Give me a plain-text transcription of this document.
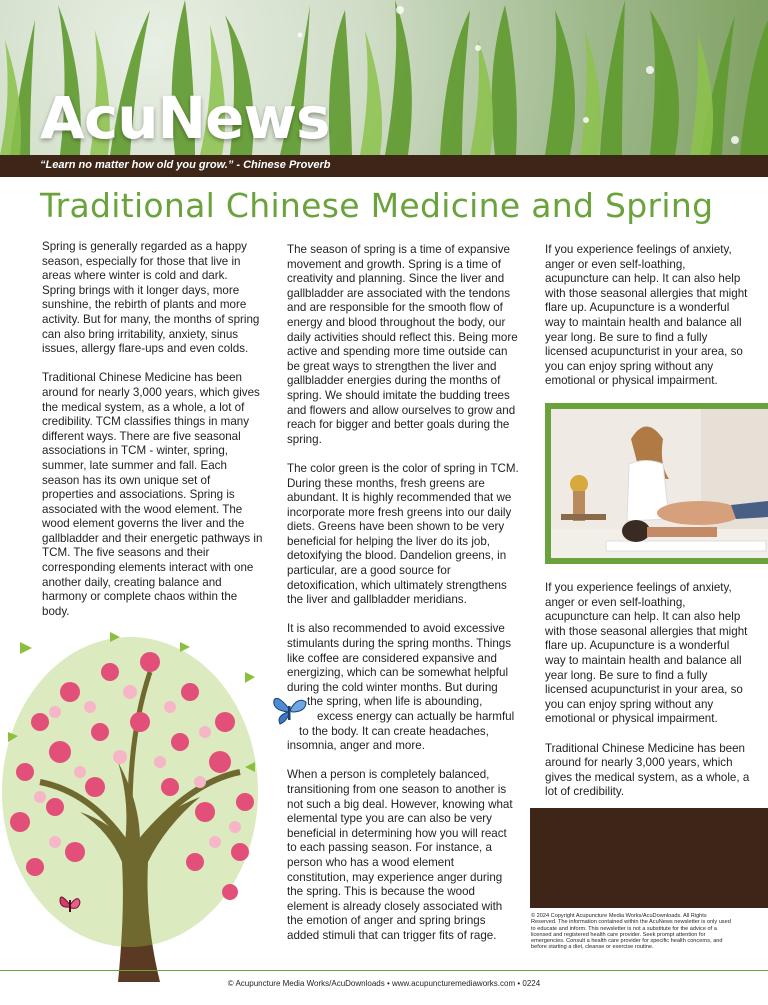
AcuNews
“Learn no matter how old you grow.” - Chinese Proverb
Traditional Chinese Medicine and Spring

Spring is generally regarded as a happy season, especially for those that live in areas where winter is cold and dark. Spring brings with it longer days, more sunshine, the rebirth of plants and more activity. But for many, the months of spring can also bring irritability, anxiety, sinus issues, allergy flare-ups and even colds.

Traditional Chinese Medicine has been around for nearly 3,000 years, which gives the medical system, as a whole, a lot of credibility. TCM classifies things in many different ways. There are five seasonal associations in TCM - winter, spring, summer, late summer and fall. Each season has its own unique set of properties and associations. Spring is associated with the wood element. The wood element governs the liver and the gallbladder and their energetic pathways in TCM. The five seasons and their corresponding elements interact with one another daily, creating balance and harmony or complete chaos within the body.

The season of spring is a time of expansive movement and growth. Spring is a time of creativity and planning. Since the liver and gallbladder are associated with the tendons and are responsible for the smooth flow of energy and blood throughout the body, our daily activities should reflect this. Being more active and spending more time outside can be great ways to strengthen the liver and gallbladder energies during the months of spring. We should imitate the budding trees and flowers and allow ourselves to grow and reach for bigger and better goals during the spring.

The color green is the color of spring in TCM. During these months, fresh greens are abundant. It is highly recommended that we incorporate more fresh greens into our daily diets. Greens have been shown to be very beneficial for helping the liver do its job, detoxifying the blood. Dandelion greens, in particular, are a good source for detoxification, which ultimately strengthens the liver and gallbladder meridians.

It is also recommended to avoid excessive stimulants during the spring months. Things like coffee are considered expansive and energizing, which can be somewhat helpful during the cold winter months. But during

the spring, when life is abounding,

excess energy can actually be harmful

to the body. It can create headaches,

insomnia, anger and more.

When a person is completely balanced, transitioning from one season to another is not such a big deal. However, knowing what elemental type you are can also be very beneficial in determining how you will react to each passing season. For instance, a person who has a wood element constitution, may experience anger during the spring. This is because the wood element is already closely associated with the emotion of anger and spring brings added stimuli that can trigger fits of rage.

If you experience feelings of anxiety, anger or even self-loathing, acupuncture can help. It can also help with those seasonal allergies that might flare up. Acupuncture is a wonderful way to maintain health and balance all year long. Be sure to find a fully licensed acupuncturist in your area, so you can enjoy spring without any emotional or physical impairment.

If you experience feelings of anxiety, anger or even self-loathing, acupuncture can help. It can also help with those seasonal allergies that might flare up. Acupuncture is a wonderful way to maintain health and balance all year long. Be sure to find a fully licensed acupuncturist in your area, so you can enjoy spring without any emotional or physical impairment.

Traditional Chinese Medicine has been around for nearly 3,000 years, which gives the medical system, as a whole, a lot of credibility.

© 2024 Copyright Acupuncture Media Works/AcuDownloads. All Rights Reserved. The information contained within the AcuNews newsletter is only used to educate and inform. This newsletter is not a substitute for the advice of a licensed and registered health care provider. Seek prompt attention for emergencies. Consult a health care provider for specific health concerns, and before starting a diet, cleanse or exercise routine.
© Acupuncture Media Works/AcuDownloads • www.acupuncturemediaworks.com • 0224
